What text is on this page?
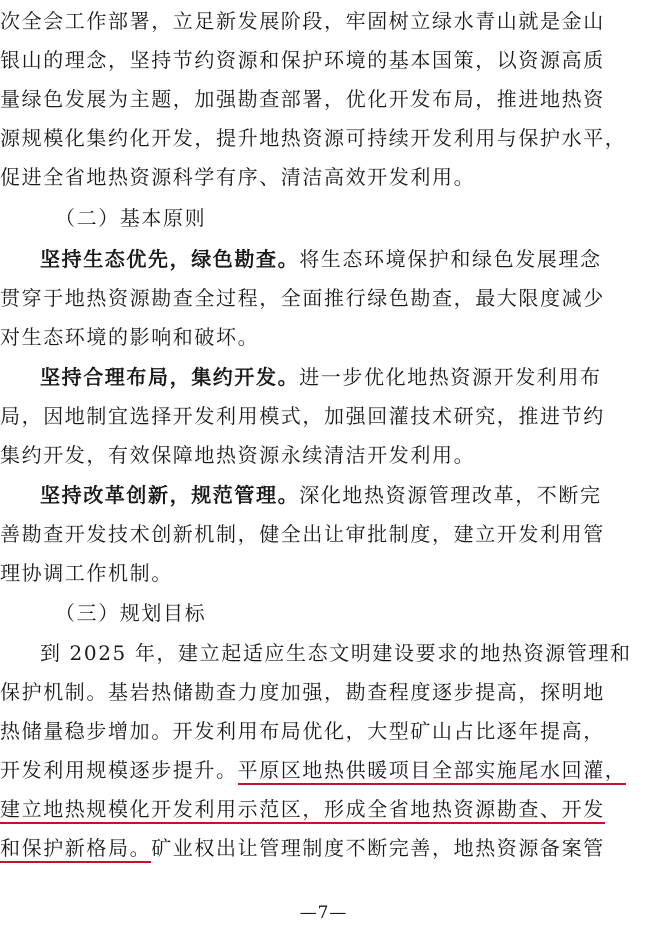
次全会工作部署，立足新发展阶段，牢固树立绿水青山就是金山
银山的理念，坚持节约资源和保护环境的基本国策，以资源高质
量绿色发展为主题，加强勘查部署，优化开发布局，推进地热资
源规模化集约化开发，提升地热资源可持续开发利用与保护水平，
促进全省地热资源科学有序、清洁高效开发利用。
（二）基本原则
坚持生态优先，绿色勘查。将生态环境保护和绿色发展理念
贯穿于地热资源勘查全过程，全面推行绿色勘查，最大限度减少
对生态环境的影响和破坏。
坚持合理布局，集约开发。进一步优化地热资源开发利用布
局，因地制宜选择开发利用模式，加强回灌技术研究，推进节约
集约开发，有效保障地热资源永续清洁开发利用。
坚持改革创新，规范管理。深化地热资源管理改革，不断完
善勘查开发技术创新机制，健全出让审批制度，建立开发利用管
理协调工作机制。
（三）规划目标
到 2025 年，建立起适应生态文明建设要求的地热资源管理和
保护机制。基岩热储勘查力度加强，勘查程度逐步提高，探明地
热储量稳步增加。开发利用布局优化，大型矿山占比逐年提高，
开发利用规模逐步提升。平原区地热供暖项目全部实施尾水回灌，
建立地热规模化开发利用示范区，形成全省地热资源勘查、开发
和保护新格局。矿业权出让管理制度不断完善，地热资源备案管
—7—
